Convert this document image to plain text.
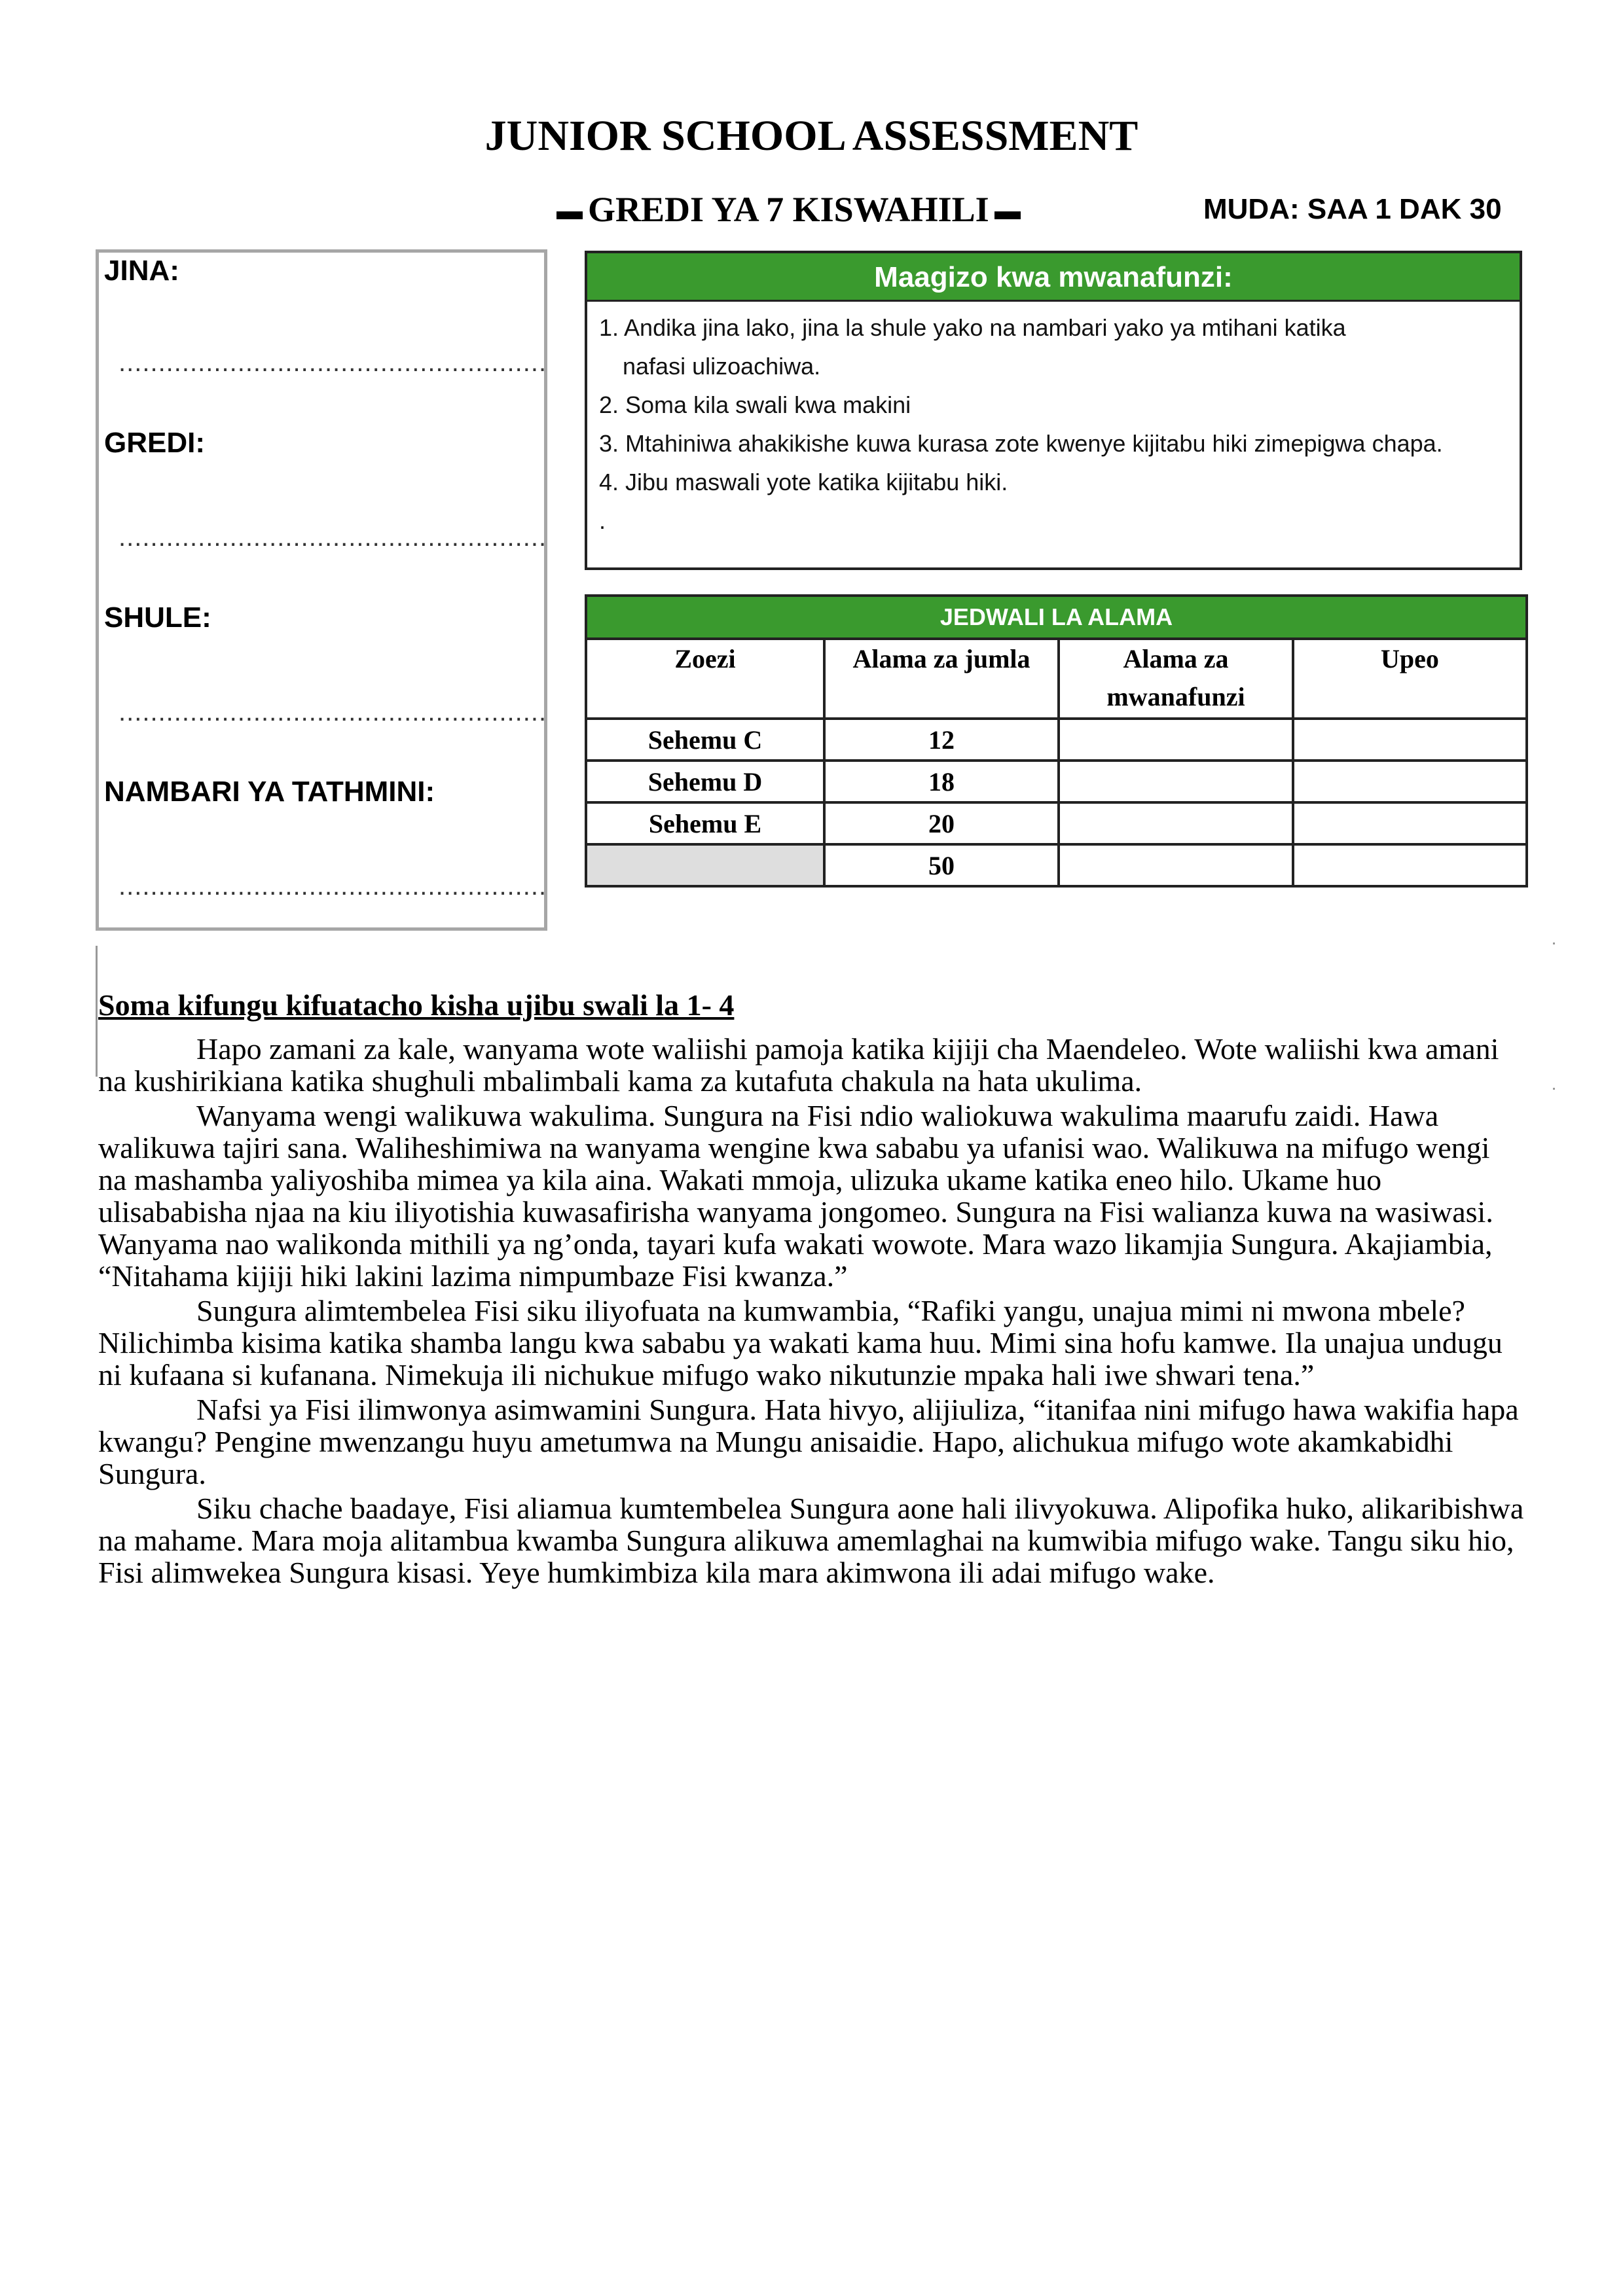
JUNIOR SCHOOL ASSESSMENT
GREDI YA 7 KISWAHILI	MUDA: SAA 1 DAK 30
JINA:
......................................................
GREDI:
......................................................
SHULE:
......................................................
NAMBARI YA TATHMINI:
......................................................
Maagizo kwa mwanafunzi:
1. Andika jina lako, jina la shule yako na nambari yako ya mtihani katika
nafasi ulizoachiwa.
2. Soma kila swali kwa makini
3. Mtahiniwa ahakikishe kuwa kurasa zote kwenye kijitabu hiki zimepigwa chapa.
4. Jibu maswali yote katika kijitabu hiki.
.
JEDWALI LA ALAMA			
Zoezi	Alama za jumla	Alama za mwanafunzi	Upeo
Sehemu C	12		
Sehemu D	18		
Sehemu E	20		
	50		
Soma kifungu kifuatacho kisha ujibu swali la 1- 4

Hapo zamani za kale, wanyama wote waliishi pamoja katika kijiji cha Maendeleo. Wote waliishi kwa amani na kushirikiana katika shughuli mbalimbali kama za kutafuta chakula na hata ukulima.

Wanyama wengi walikuwa wakulima. Sungura na Fisi ndio waliokuwa wakulima maarufu zaidi. Hawa walikuwa tajiri sana. Waliheshimiwa na wanyama wengine kwa sababu ya ufanisi wao. Walikuwa na mifugo wengi na mashamba yaliyoshiba mimea ya kila aina. Wakati mmoja, ulizuka ukame katika eneo hilo. Ukame huo ulisababisha njaa na kiu iliyotishia kuwasafirisha wanyama jongomeo. Sungura na Fisi walianza kuwa na wasiwasi. Wanyama nao walikonda mithili ya ng’onda, tayari kufa wakati wowote. Mara wazo likamjia Sungura. Akajiambia, “Nitahama kijiji hiki lakini lazima nimpumbaze Fisi kwanza.”

Sungura alimtembelea Fisi siku iliyofuata na kumwambia, “Rafiki yangu, unajua mimi ni mwona mbele? Nilichimba kisima katika shamba langu kwa sababu ya wakati kama huu. Mimi sina hofu kamwe. Ila unajua undugu ni kufaana si kufanana. Nimekuja ili nichukue mifugo wako nikutunzie mpaka hali iwe shwari tena.”

Nafsi ya Fisi ilimwonya asimwamini Sungura. Hata hivyo, alijiuliza, “itanifaa nini mifugo hawa wakifia hapa kwangu? Pengine mwenzangu huyu ametumwa na Mungu anisaidie. Hapo, alichukua mifugo wote akamkabidhi Sungura.

Siku chache baadaye, Fisi aliamua kumtembelea Sungura aone hali ilivyokuwa. Alipofika huko, alikaribishwa na mahame. Mara moja alitambua kwamba Sungura alikuwa amemlaghai na kumwibia mifugo wake. Tangu siku hio, Fisi alimwekea Sungura kisasi. Yeye humkimbiza kila mara akimwona ili adai mifugo wake.
